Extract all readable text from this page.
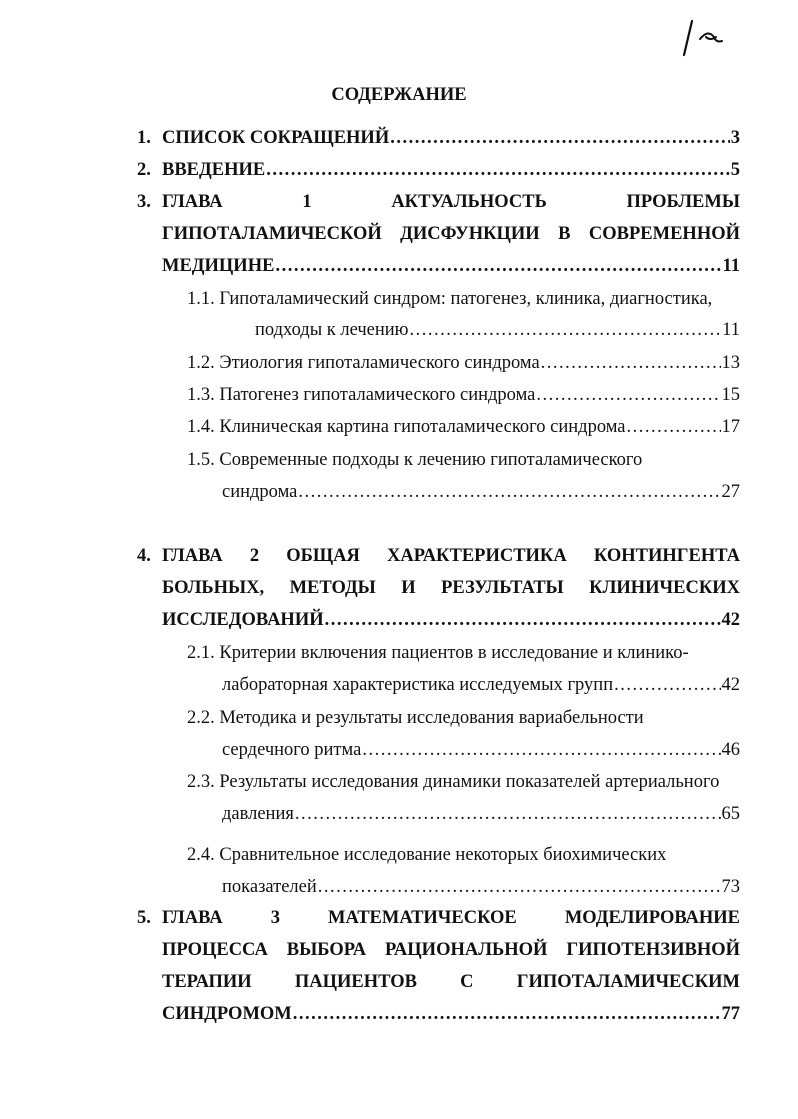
СОДЕРЖАНИЕ
1. СПИСОК СОКРАЩЕНИЙ .....	3
2. ВВЕДЕНИЕ .....	5
3. ГЛАВА 1 АКТУАЛЬНОСТЬ ПРОБЛЕМЫ
ГИПОТАЛАМИЧЕСКОЙ ДИСФУНКЦИИ В СОВРЕМЕННОЙ
МЕДИЦИНЕ .....	11
1.1. Гипоталамический синдром: патогенез, клиника, диагностика,
подходы к лечению .....	11
1.2. Этиология гипоталамического синдрома .....	13
1.3. Патогенез гипоталамического синдрома .....	15
1.4. Клиническая картина гипоталамического синдрома .....	17
1.5. Современные подходы к лечению гипоталамического
синдрома .....	27
4. ГЛАВА 2 ОБЩАЯ ХАРАКТЕРИСТИКА КОНТИНГЕНТА
БОЛЬНЫХ, МЕТОДЫ И РЕЗУЛЬТАТЫ КЛИНИЧЕСКИХ
ИССЛЕДОВАНИЙ .....	42
2.1. Критерии включения пациентов в исследование и клинико-
лабораторная характеристика исследуемых групп .....	42
2.2. Методика и результаты исследования вариабельности
сердечного ритма .....	46
2.3. Результаты исследования динамики показателей артериального
давления .....	65
2.4. Сравнительное исследование некоторых биохимических
показателей .....	73
5. ГЛАВА 3 МАТЕМАТИЧЕСКОЕ МОДЕЛИРОВАНИЕ
ПРОЦЕССА ВЫБОРА РАЦИОНАЛЬНОЙ ГИПОТЕНЗИВНОЙ
ТЕРАПИИ ПАЦИЕНТОВ С ГИПОТАЛАМИЧЕСКИМ
СИНДРОМОМ .....	77
